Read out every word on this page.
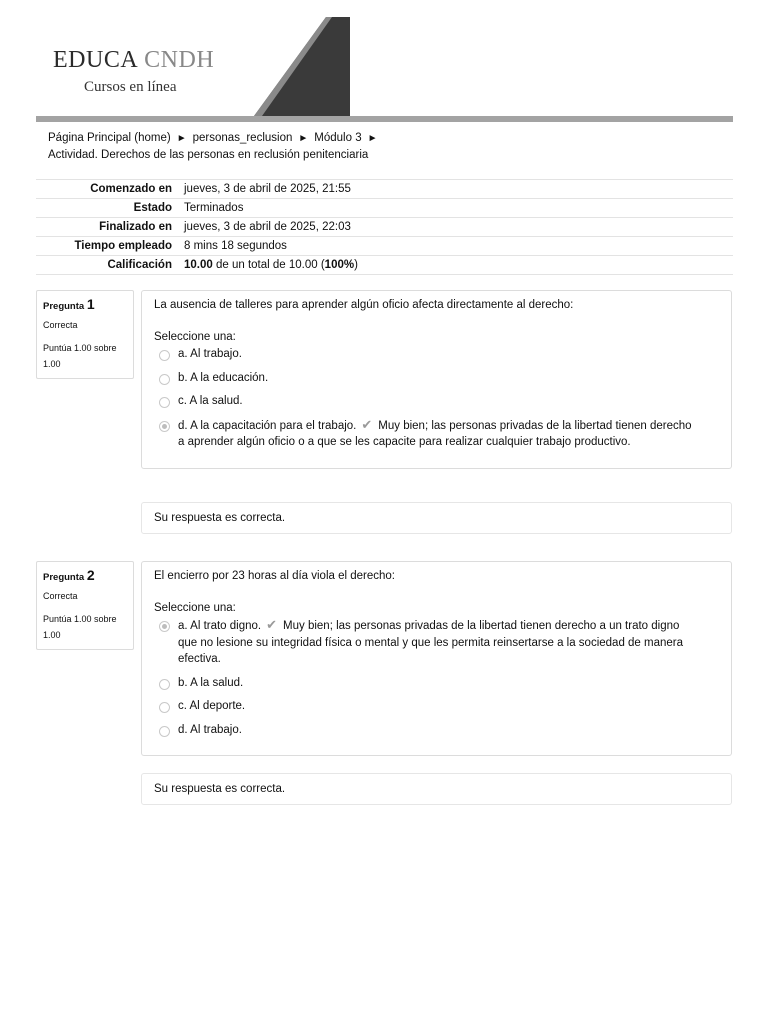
EDUCA CNDH
Cursos en línea
Página Principal (home) ► personas_reclusion ► Módulo 3 ►
Actividad. Derechos de las personas en reclusión penitenciaria
Comenzado en	jueves, 3 de abril de 2025, 21:55
Estado	Terminados
Finalizado en	jueves, 3 de abril de 2025, 22:03
Tiempo empleado	8 mins 18 segundos
Calificación	10.00 de un total de 10.00 (100%)
Pregunta 1
Correcta
Puntúa 1.00 sobre 1.00
La ausencia de talleres para aprender algún oficio afecta directamente al derecho:
Seleccione una:
a. Al trabajo.
b. A la educación.
c. A la salud.
d. A la capacitación para el trabajo. ✔ Muy bien; las personas privadas de la libertad tienen derecho a aprender algún oficio o a que se les capacite para realizar cualquier trabajo productivo.
Su respuesta es correcta.
Pregunta 2
Correcta
Puntúa 1.00 sobre 1.00
El encierro por 23 horas al día viola el derecho:
Seleccione una:
a. Al trato digno. ✔ Muy bien; las personas privadas de la libertad tienen derecho a un trato digno que no lesione su integridad física o mental y que les permita reinsertarse a la sociedad de manera efectiva.
b. A la salud.
c. Al deporte.
d. Al trabajo.
Su respuesta es correcta.
